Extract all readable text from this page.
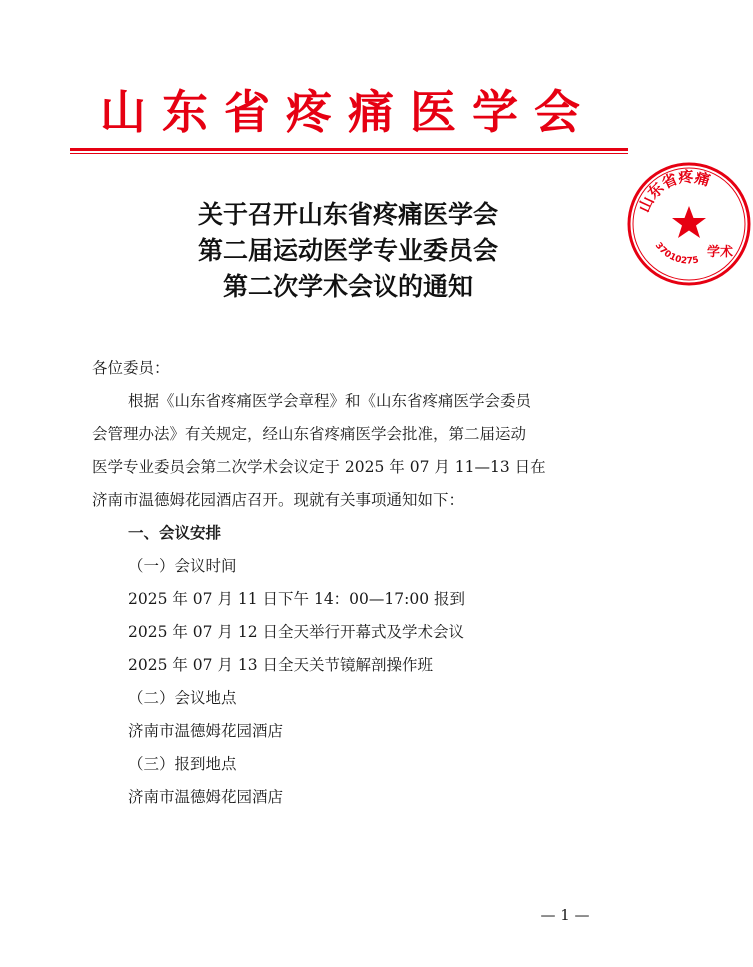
山东省疼痛医学会
山东省疼痛
学术
37010275
关于召开山东省疼痛医学会
第二届运动医学专业委员会
第二次学术会议的通知
各位委员：
根据《山东省疼痛医学会章程》和《山东省疼痛医学会委员
会管理办法》有关规定，经山东省疼痛医学会批准，第二届运动
医学专业委员会第二次学术会议定于 2025 年 07 月 11—13 日在
济南市温德姆花园酒店召开。现就有关事项通知如下：
一、会议安排
（一）会议时间
2025 年 07 月 11 日下午 14：00—17:00 报到
2025 年 07 月 12 日全天举行开幕式及学术会议
2025 年 07 月 13 日全天关节镜解剖操作班
（二）会议地点
济南市温德姆花园酒店
（三）报到地点
济南市温德姆花园酒店
— 1 —
